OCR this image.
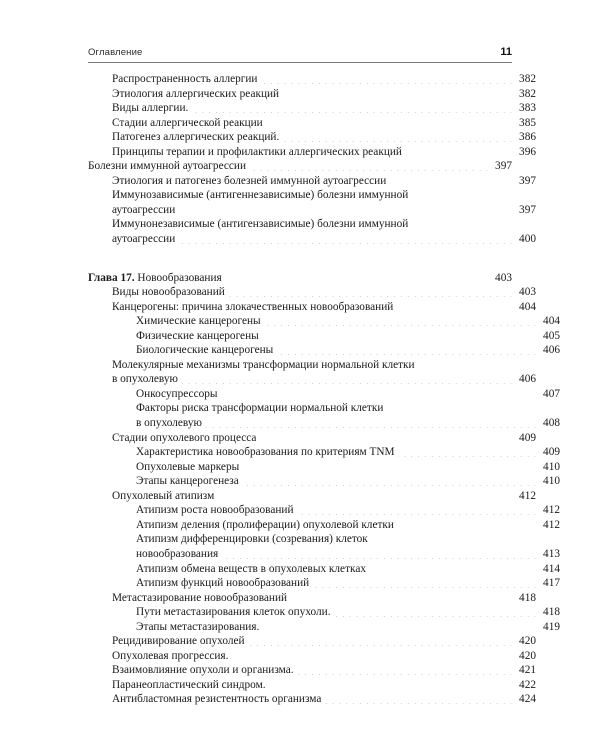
Оглавление	11
Распространенность аллергии . . .	382
Этиология аллергических реакций . . .	382
Виды аллергии. . . .	383
Стадии аллергической реакции . . .	385
Патогенез аллергических реакций. . . .	386
Принципы терапии и профилактики аллергических реакций . . .	396
Болезни иммунной аутоагрессии . . .	397
Этиология и патогенез болезней иммунной аутоагрессии . . .	397
Иммунозависимые (антигеннезависимые) болезни иммунной
аутоагрессии . . .	397
Иммунонезависимые (антигензависимые) болезни иммунной
аутоагрессии . . .	400
Глава 17. Новообразования . . .	403
Виды новообразований . . .	403
Канцерогены: причина злокачественных новообразований . . .	404
Химические канцерогены . . .	404
Физические канцерогены . . .	405
Биологические канцерогены . . .	406
Молекулярные механизмы трансформации нормальной клетки
в опухолевую . . .	406
Онкосупрессоры . . .	407
Факторы риска трансформации нормальной клетки
в опухолевую . . .	408
Стадии опухолевого процесса . . .	409
Характеристика новообразования по критериям TNM . . .	409
Опухолевые маркеры . . .	410
Этапы канцерогенеза . . .	410
Опухолевый атипизм . . .	412
Атипизм роста новообразований . . .	412
Атипизм деления (пролиферации) опухолевой клетки . . .	412
Атипизм дифференцировки (созревания) клеток
новообразования . . .	413
Атипизм обмена веществ в опухолевых клетках . . .	414
Атипизм функций новообразований . . .	417
Метастазирование новообразований . . .	418
Пути метастазирования клеток опухоли. . . .	418
Этапы метастазирования. . . .	419
Рецидивирование опухолей . . .	420
Опухолевая прогрессия. . . .	420
Взаимовлияние опухоли и организма. . . .	421
Паранеопластический синдром. . . .	422
Антибластомная резистентность организма . . .	424
